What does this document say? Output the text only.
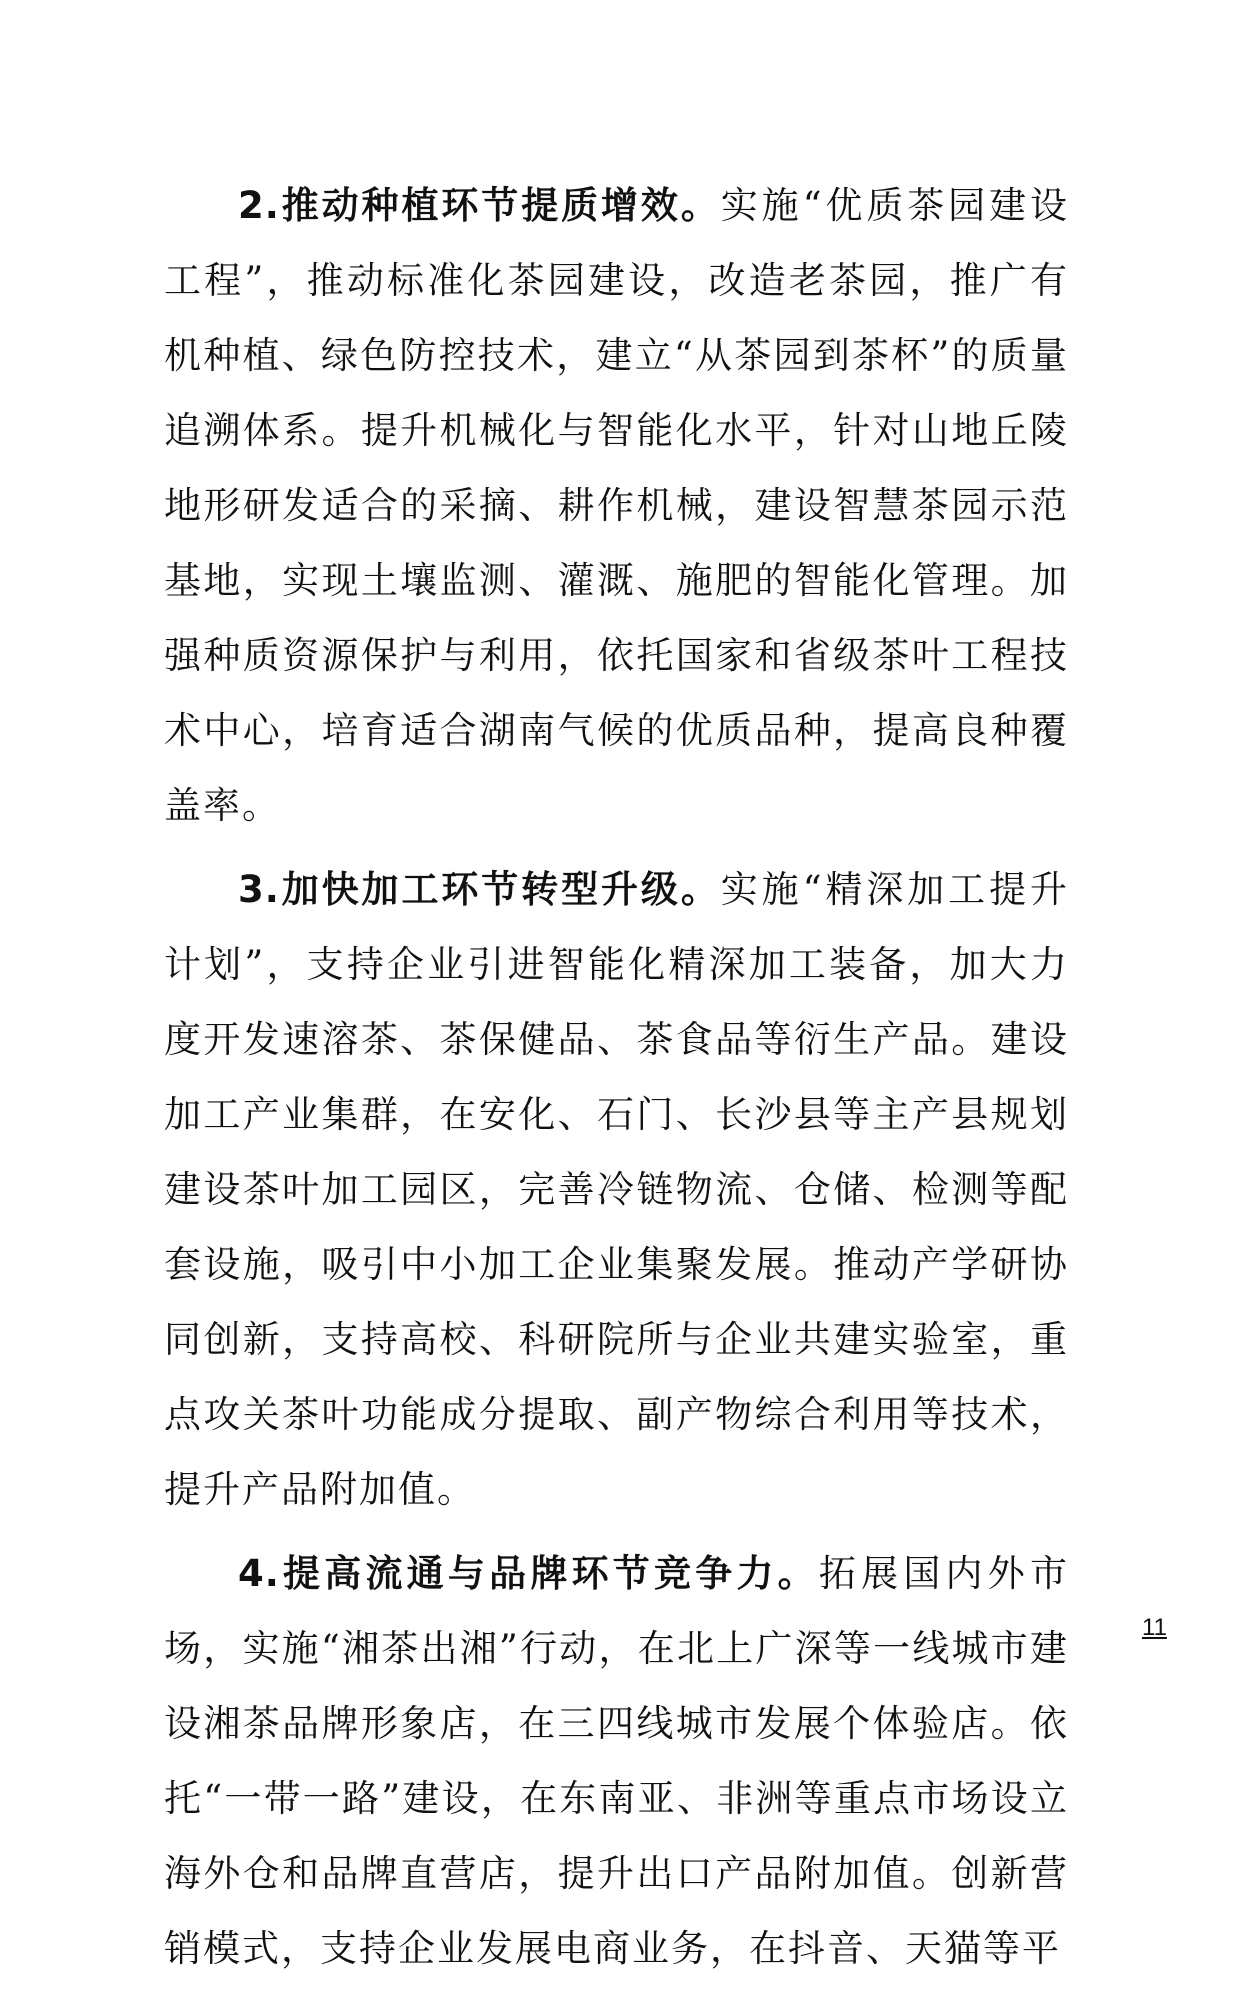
2.推动种植环节提质增效。实施“优质茶园建设工程”，推动标准化茶园建设，改造老茶园，推广有机种植、绿色防控技术，建立“从茶园到茶杯”的质量追溯体系。提升机械化与智能化水平，针对山地丘陵地形研发适合的采摘、耕作机械，建设智慧茶园示范基地，实现土壤监测、灌溉、施肥的智能化管理。加强种质资源保护与利用，依托国家和省级茶叶工程技术中心，培育适合湖南气候的优质品种，提高良种覆盖率。

3.加快加工环节转型升级。实施“精深加工提升计划”，支持企业引进智能化精深加工装备，加大力度开发速溶茶、茶保健品、茶食品等衍生产品。建设加工产业集群，在安化、石门、长沙县等主产县规划建设茶叶加工园区，完善冷链物流、仓储、检测等配套设施，吸引中小加工企业集聚发展。推动产学研协同创新，支持高校、科研院所与企业共建实验室，重点攻关茶叶功能成分提取、副产物综合利用等技术，提升产品附加值。

4.提高流通与品牌环节竞争力。拓展国内外市场，实施“湘茶出湘”行动，在北上广深等一线城市建设湘茶品牌形象店，在三四线城市发展个体验店。依托“一带一路”建设，在东南亚、非洲等重点市场设立海外仓和品牌直营店，提升出口产品附加值。创新营销模式，支持企业发展电商业务，在抖音、天猫等平

11
